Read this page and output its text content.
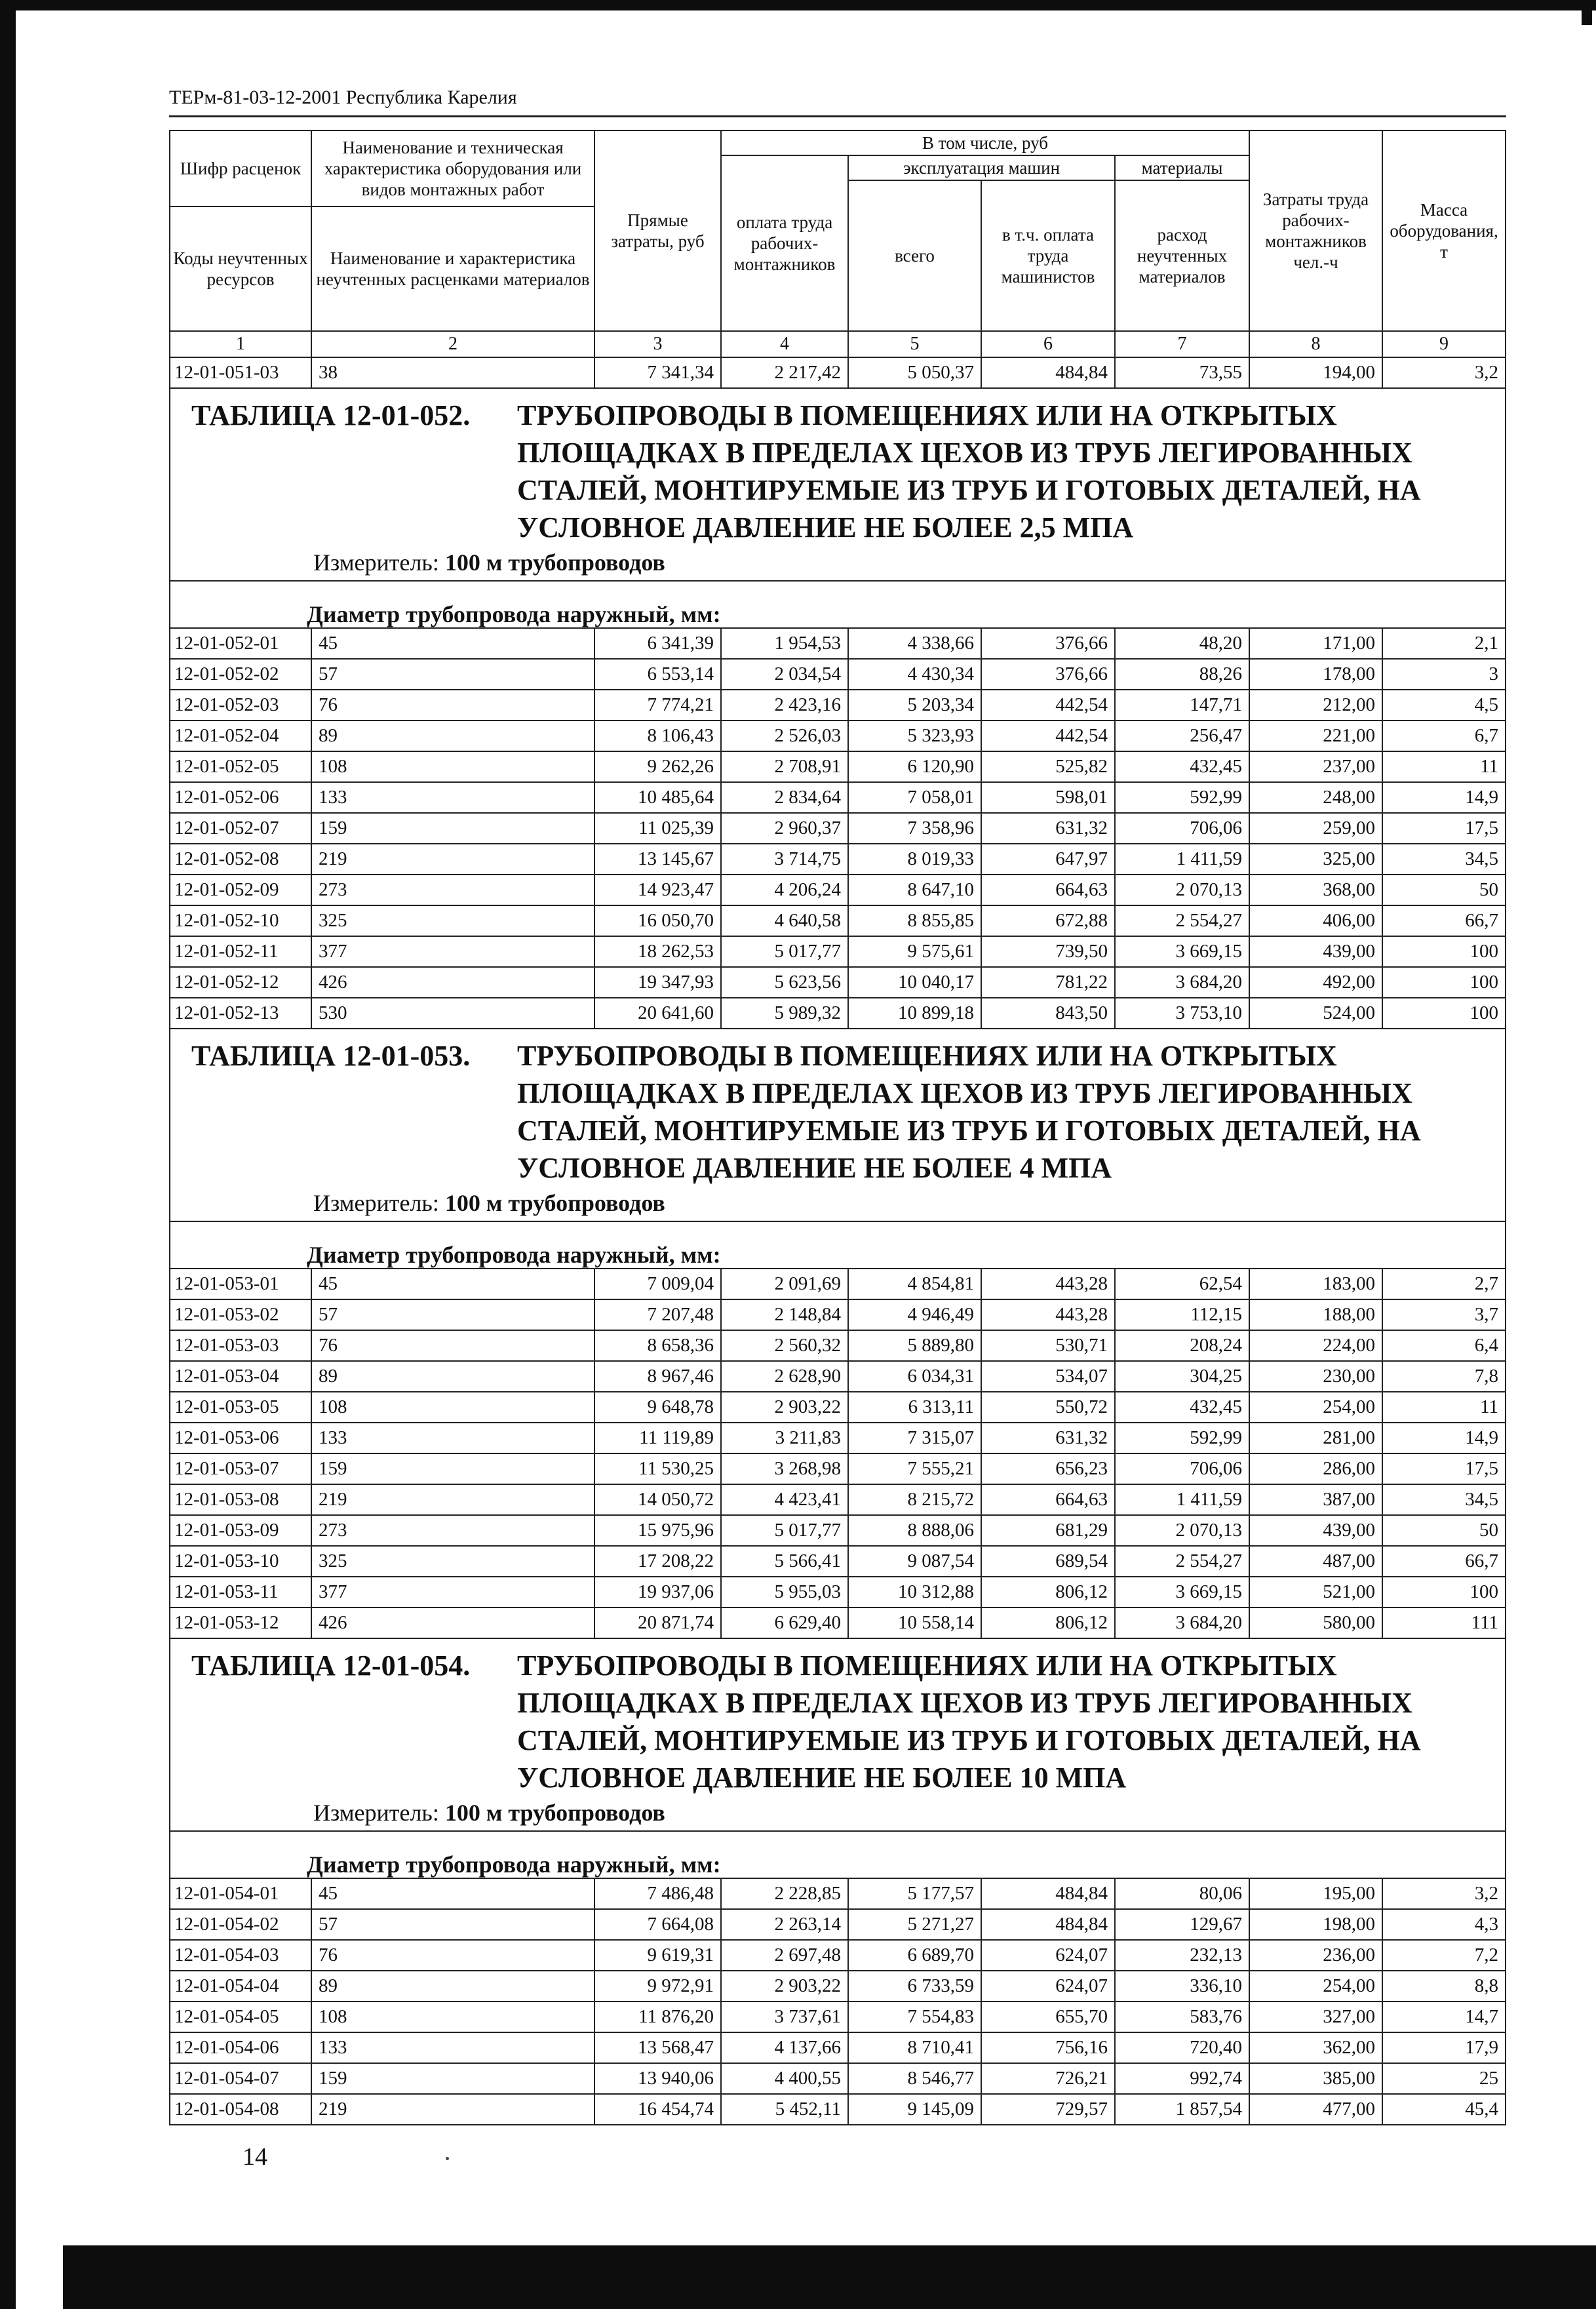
ТЕРм-81-03-12-2001 Республика Карелия
Шифр расценок	Наименование и техническая характеристика оборудования или видов монтажных работ	Прямые затраты, руб	В том числе, руб				Затраты труда рабочих-монтажников чел.-ч	Масса оборудования, т
			оплата труда рабочих-монтажников	эксплуатация машин		материалы		
				всего	в т.ч. оплата труда машинистов	расход неучтенных материалов		
Коды неучтенных ресурсов	Наименование и характеристика неучтенных расценками материалов							

1	2	3	4	5	6	7	8	9
12-01-051-03	38	7 341,34	2 217,42	5 050,37	484,84	73,55	194,00	3,2

ТАБЛИЦА 12-01-052. ТРУБОПРОВОДЫ В ПОМЕЩЕНИЯХ ИЛИ НА ОТКРЫТЫХ ПЛОЩАДКАХ В ПРЕДЕЛАХ ЦЕХОВ ИЗ ТРУБ ЛЕГИРОВАННЫХ СТАЛЕЙ, МОНТИРУЕМЫЕ ИЗ ТРУБ И ГОТОВЫХ ДЕТАЛЕЙ, НА УСЛОВНОЕ ДАВЛЕНИЕ НЕ БОЛЕЕ 2,5 МПА
Измеритель: 100 м трубопроводов								

Диаметр трубопровода наружный, мм:								

12-01-052-01	45	6 341,39	1 954,53	4 338,66	376,66	48,20	171,00	2,1
12-01-052-02	57	6 553,14	2 034,54	4 430,34	376,66	88,26	178,00	3
12-01-052-03	76	7 774,21	2 423,16	5 203,34	442,54	147,71	212,00	4,5
12-01-052-04	89	8 106,43	2 526,03	5 323,93	442,54	256,47	221,00	6,7
12-01-052-05	108	9 262,26	2 708,91	6 120,90	525,82	432,45	237,00	11
12-01-052-06	133	10 485,64	2 834,64	7 058,01	598,01	592,99	248,00	14,9
12-01-052-07	159	11 025,39	2 960,37	7 358,96	631,32	706,06	259,00	17,5
12-01-052-08	219	13 145,67	3 714,75	8 019,33	647,97	1 411,59	325,00	34,5
12-01-052-09	273	14 923,47	4 206,24	8 647,10	664,63	2 070,13	368,00	50
12-01-052-10	325	16 050,70	4 640,58	8 855,85	672,88	2 554,27	406,00	66,7
12-01-052-11	377	18 262,53	5 017,77	9 575,61	739,50	3 669,15	439,00	100
12-01-052-12	426	19 347,93	5 623,56	10 040,17	781,22	3 684,20	492,00	100
12-01-052-13	530	20 641,60	5 989,32	10 899,18	843,50	3 753,10	524,00	100

ТАБЛИЦА 12-01-053. ТРУБОПРОВОДЫ В ПОМЕЩЕНИЯХ ИЛИ НА ОТКРЫТЫХ ПЛОЩАДКАХ В ПРЕДЕЛАХ ЦЕХОВ ИЗ ТРУБ ЛЕГИРОВАННЫХ СТАЛЕЙ, МОНТИРУЕМЫЕ ИЗ ТРУБ И ГОТОВЫХ ДЕТАЛЕЙ, НА УСЛОВНОЕ ДАВЛЕНИЕ НЕ БОЛЕЕ 4 МПА
Измеритель: 100 м трубопроводов								

Диаметр трубопровода наружный, мм:								

12-01-053-01	45	7 009,04	2 091,69	4 854,81	443,28	62,54	183,00	2,7
12-01-053-02	57	7 207,48	2 148,84	4 946,49	443,28	112,15	188,00	3,7
12-01-053-03	76	8 658,36	2 560,32	5 889,80	530,71	208,24	224,00	6,4
12-01-053-04	89	8 967,46	2 628,90	6 034,31	534,07	304,25	230,00	7,8
12-01-053-05	108	9 648,78	2 903,22	6 313,11	550,72	432,45	254,00	11
12-01-053-06	133	11 119,89	3 211,83	7 315,07	631,32	592,99	281,00	14,9
12-01-053-07	159	11 530,25	3 268,98	7 555,21	656,23	706,06	286,00	17,5
12-01-053-08	219	14 050,72	4 423,41	8 215,72	664,63	1 411,59	387,00	34,5
12-01-053-09	273	15 975,96	5 017,77	8 888,06	681,29	2 070,13	439,00	50
12-01-053-10	325	17 208,22	5 566,41	9 087,54	689,54	2 554,27	487,00	66,7
12-01-053-11	377	19 937,06	5 955,03	10 312,88	806,12	3 669,15	521,00	100
12-01-053-12	426	20 871,74	6 629,40	10 558,14	806,12	3 684,20	580,00	111

ТАБЛИЦА 12-01-054. ТРУБОПРОВОДЫ В ПОМЕЩЕНИЯХ ИЛИ НА ОТКРЫТЫХ ПЛОЩАДКАХ В ПРЕДЕЛАХ ЦЕХОВ ИЗ ТРУБ ЛЕГИРОВАННЫХ СТАЛЕЙ, МОНТИРУЕМЫЕ ИЗ ТРУБ И ГОТОВЫХ ДЕТАЛЕЙ, НА УСЛОВНОЕ ДАВЛЕНИЕ НЕ БОЛЕЕ 10 МПА
Измеритель: 100 м трубопроводов								

Диаметр трубопровода наружный, мм:								

12-01-054-01	45	7 486,48	2 228,85	5 177,57	484,84	80,06	195,00	3,2
12-01-054-02	57	7 664,08	2 263,14	5 271,27	484,84	129,67	198,00	4,3
12-01-054-03	76	9 619,31	2 697,48	6 689,70	624,07	232,13	236,00	7,2
12-01-054-04	89	9 972,91	2 903,22	6 733,59	624,07	336,10	254,00	8,8
12-01-054-05	108	11 876,20	3 737,61	7 554,83	655,70	583,76	327,00	14,7
12-01-054-06	133	13 568,47	4 137,66	8 710,41	756,16	720,40	362,00	17,9
12-01-054-07	159	13 940,06	4 400,55	8 546,77	726,21	992,74	385,00	25
12-01-054-08	219	16 454,74	5 452,11	9 145,09	729,57	1 857,54	477,00	45,4
14
